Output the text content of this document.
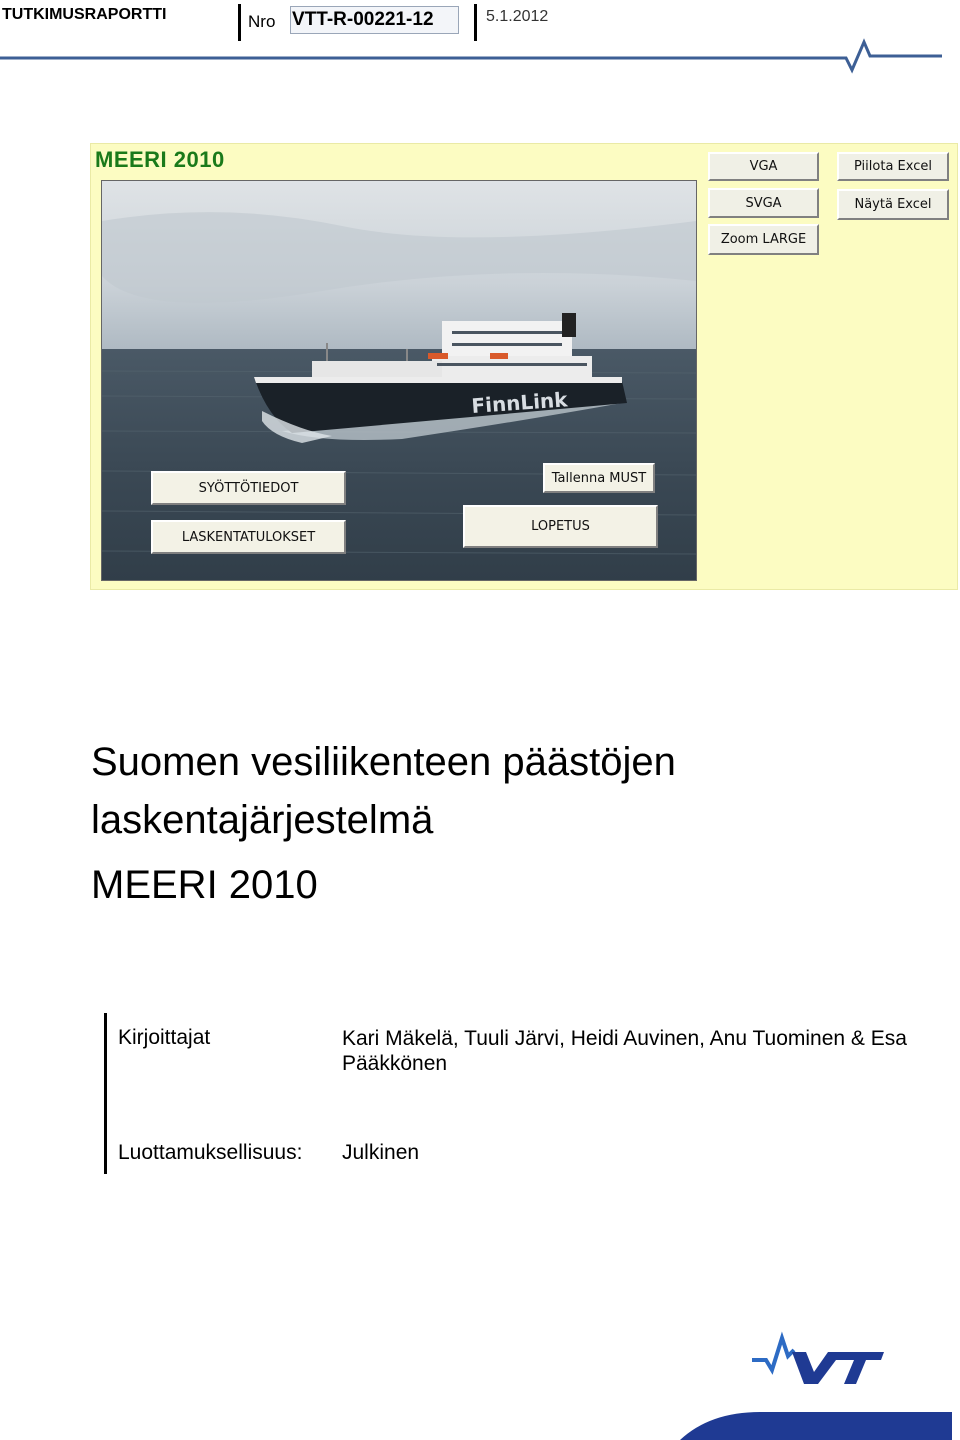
TUTKIMUSRAPORTTI	Nro VTT-R-00221-12	5.1.2012
MEERI 2010
FinnLink
VGA	Piilota Excel
SVGA	Näytä Excel
Zoom LARGE
SYÖTTÖTIEDOT
LASKENTATULOKSET
Tallenna MUST
LOPETUS
Suomen vesiliikenteen päästöjen
laskentajärjestelmä
MEERI 2010
Kirjoittajat	Kari Mäkelä, Tuuli Järvi, Heidi Auvinen, Anu Tuominen & Esa Pääkkönen
Luottamuksellisuus: Julkinen
